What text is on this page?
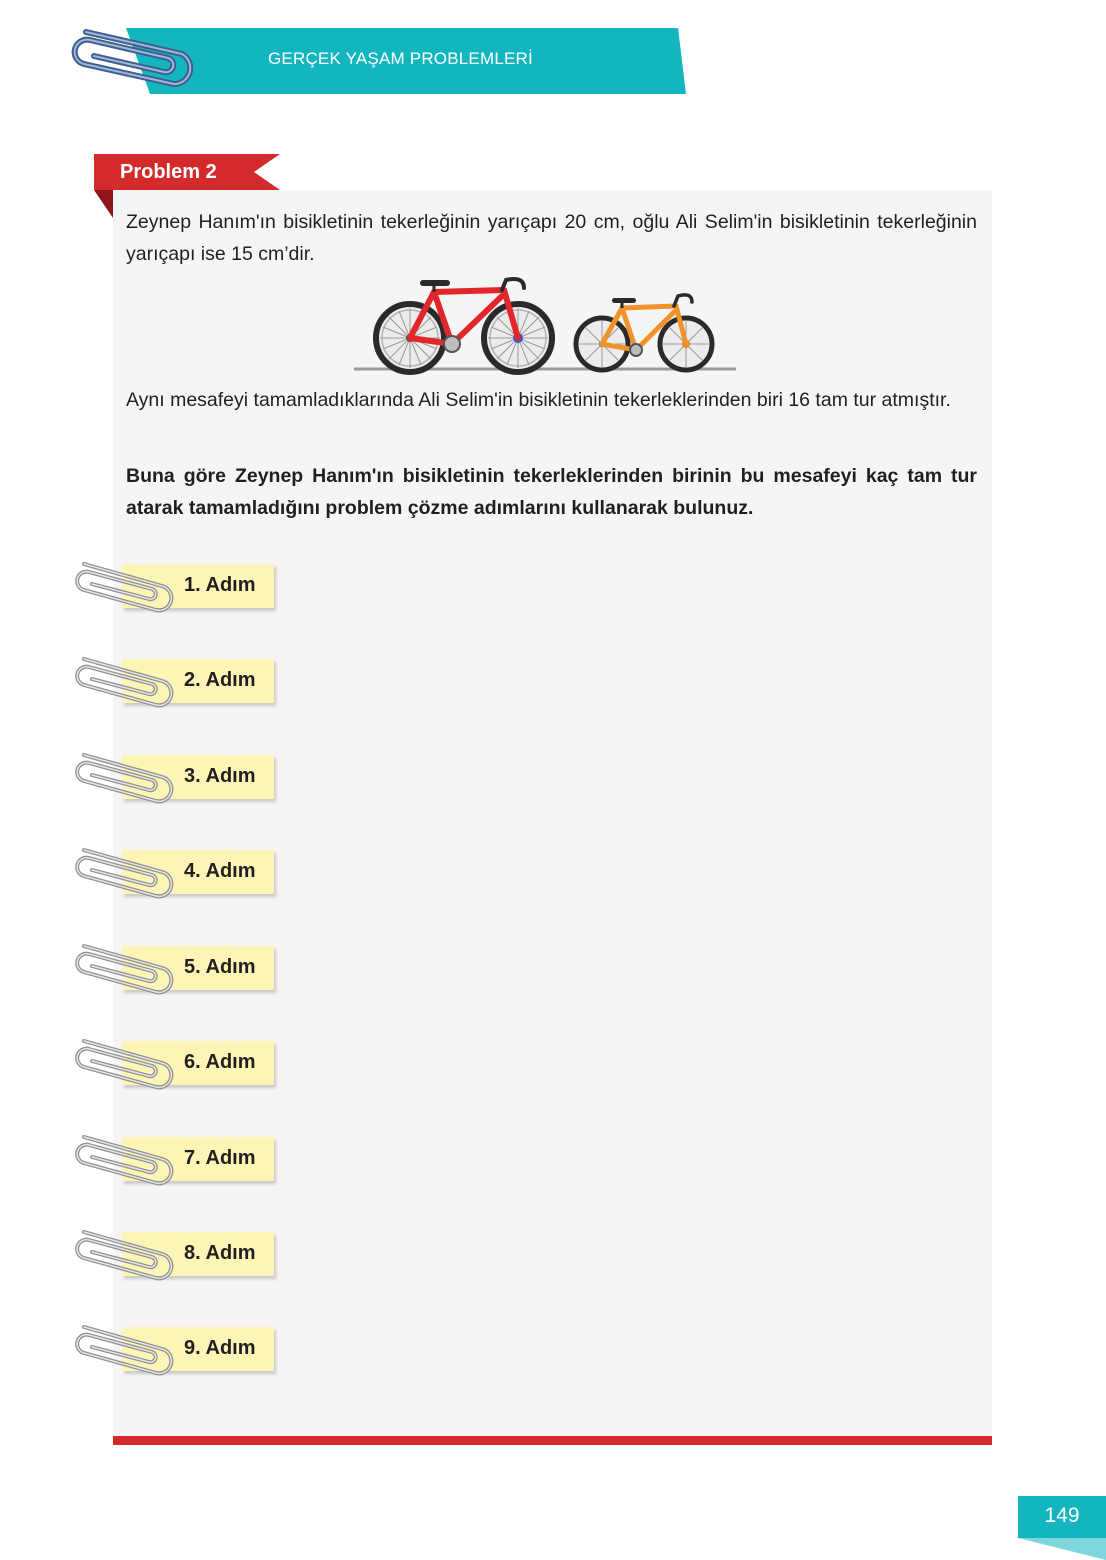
GERÇEK YAŞAM PROBLEMLERİ
Problem 2

Zeynep Hanım'ın bisikletinin tekerleğinin yarıçapı 20 cm, oğlu Ali Selim'in bisikletinin tekerleğinin yarıçapı ise 15 cm’dir.

Aynı mesafeyi tamamladıklarında Ali Selim'in bisikletinin tekerleklerinden biri 16 tam tur atmıştır.

Buna göre Zeynep Hanım'ın bisikletinin tekerleklerinden birinin bu mesafeyi kaç tam tur atarak tamamladığını problem çözme adımlarını kullanarak bulunuz.

1. Adım
2. Adım
3. Adım
4. Adım
5. Adım
6. Adım
7. Adım
8. Adım
9. Adım
149
